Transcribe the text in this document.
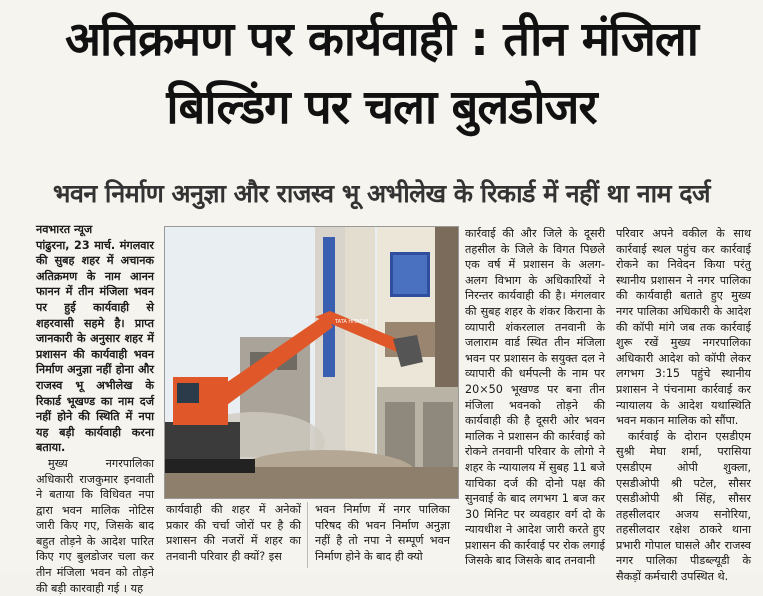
अतिक्रमण पर कार्यवाही : तीन मंजिला
बिल्डिंग पर चला बुलडोजर
भवन निर्माण अनुज्ञा और राजस्व भू अभीलेख के रिकार्ड में नहीं था नाम दर्ज

नवभारत न्यूज

पांढुरना, 23 मार्च. मंगलवार की सुबह शहर में अचानक अतिक्रमण के नाम आनन फानन में तीन मंजिला भवन पर हुई कार्यवाही से शहरवासी सहमे है। प्राप्त जानकारी के अनुसार शहर में प्रशासन की कार्यवाही भवन निर्माण अनुज्ञा नहीं होना और राजस्व भू अभीलेख के रिकार्ड भूखण्ड का नाम दर्ज नहीं होने की स्थिति में नपा यह बड़ी कार्यवाही करना बताया.

मुख्य नगरपालिका अधिकारी राजकुमार इनवाती ने बताया कि विधिवत नपा द्वारा भवन मालिक नोटिस जारी किए गए, जिसके बाद बहुत तोड़ने के आदेश पारित किए गए बुलडोजर चला कर तीन मंजिला भवन को तोड़ने की बड़ी कारवाही गई । यह

TATA HITACHI
कार्यवाही की शहर में अनेकों प्रकार की चर्चा जोरों पर है की प्रशासन की नजरों में शहर का तनवानी परिवार ही क्यों? इस
भवन निर्माण में नगर पालिका परिषद की भवन निर्माण अनुज्ञा नहीं है तो नपा ने सम्पूर्ण भवन निर्माण होने के बाद ही क्यो
कार्रवाई की और जिले के दूसरी तहसील के जिले के विगत पिछले एक वर्ष में प्रशासन के अलग-अलग विभाग के अधिकारियों ने निरन्तर कार्यवाही की है। मंगलवार की सुबह शहर के शंकर किराना के व्यापारी शंकरलाल तनवानी के जलाराम वार्ड स्थित तीन मंजिला भवन पर प्रशासन के सयुक्त दल ने व्यापारी की धर्मपत्नी के नाम पर 20×50 भूखण्ड पर बना तीन मंजिला भवनको तोड़ने की कार्यवाही की है दूसरी ओर भवन मालिक ने प्रशासन की कार्रवाई को रोकने तनवानी परिवार के लोगो ने शहर के न्यायालय में सुबह 11 बजे याचिका दर्ज की दोनो पक्ष की सुनवाई के बाद लगभग 1 बज कर 30 मिनिट पर व्यवहार वर्ग दो के न्यायधीश ने आदेश जारी करते हुए प्रशासन की कार्रवाई पर रोक लगाई जिसके बाद जिसके बाद तनवानी

परिवार अपने वकील के साथ कार्रवाई स्थल पहुंच कर कार्रवाई रोकने का निवेदन किया परंतु स्थानीय प्रशासन ने नगर पालिका की कार्यवाही बताते हुए मुख्य नगर पालिका अधिकारी के आदेश की कॉपी मांगे जब तक कार्रवाई शुरू रखें मुख्य नगरपालिका अधिकारी आदेश को कॉपी लेकर लगभग 3:15 पहुंचे स्थानीय प्रशासन ने पंचनामा कार्रवाई कर न्यायालय के आदेश यथास्थिति भवन मकान मालिक को सौंपा.

कार्रवाई के दोरान एसडीएम सुश्री मेघा शर्मा, परासिया एसडीएम ओपी शुक्ला, एसडीओपी श्री पटेल, सौसर एसडीओपी श्री सिंह, सौसर तहसीलदार अजय सनोरिया, तहसीलदार रक्षेश ठाकरे थाना प्रभारी गोपाल घासले और राजस्व नगर पालिका पीडब्ल्यूडी के सैकड़ों कर्मचारी उपस्थित थे.
